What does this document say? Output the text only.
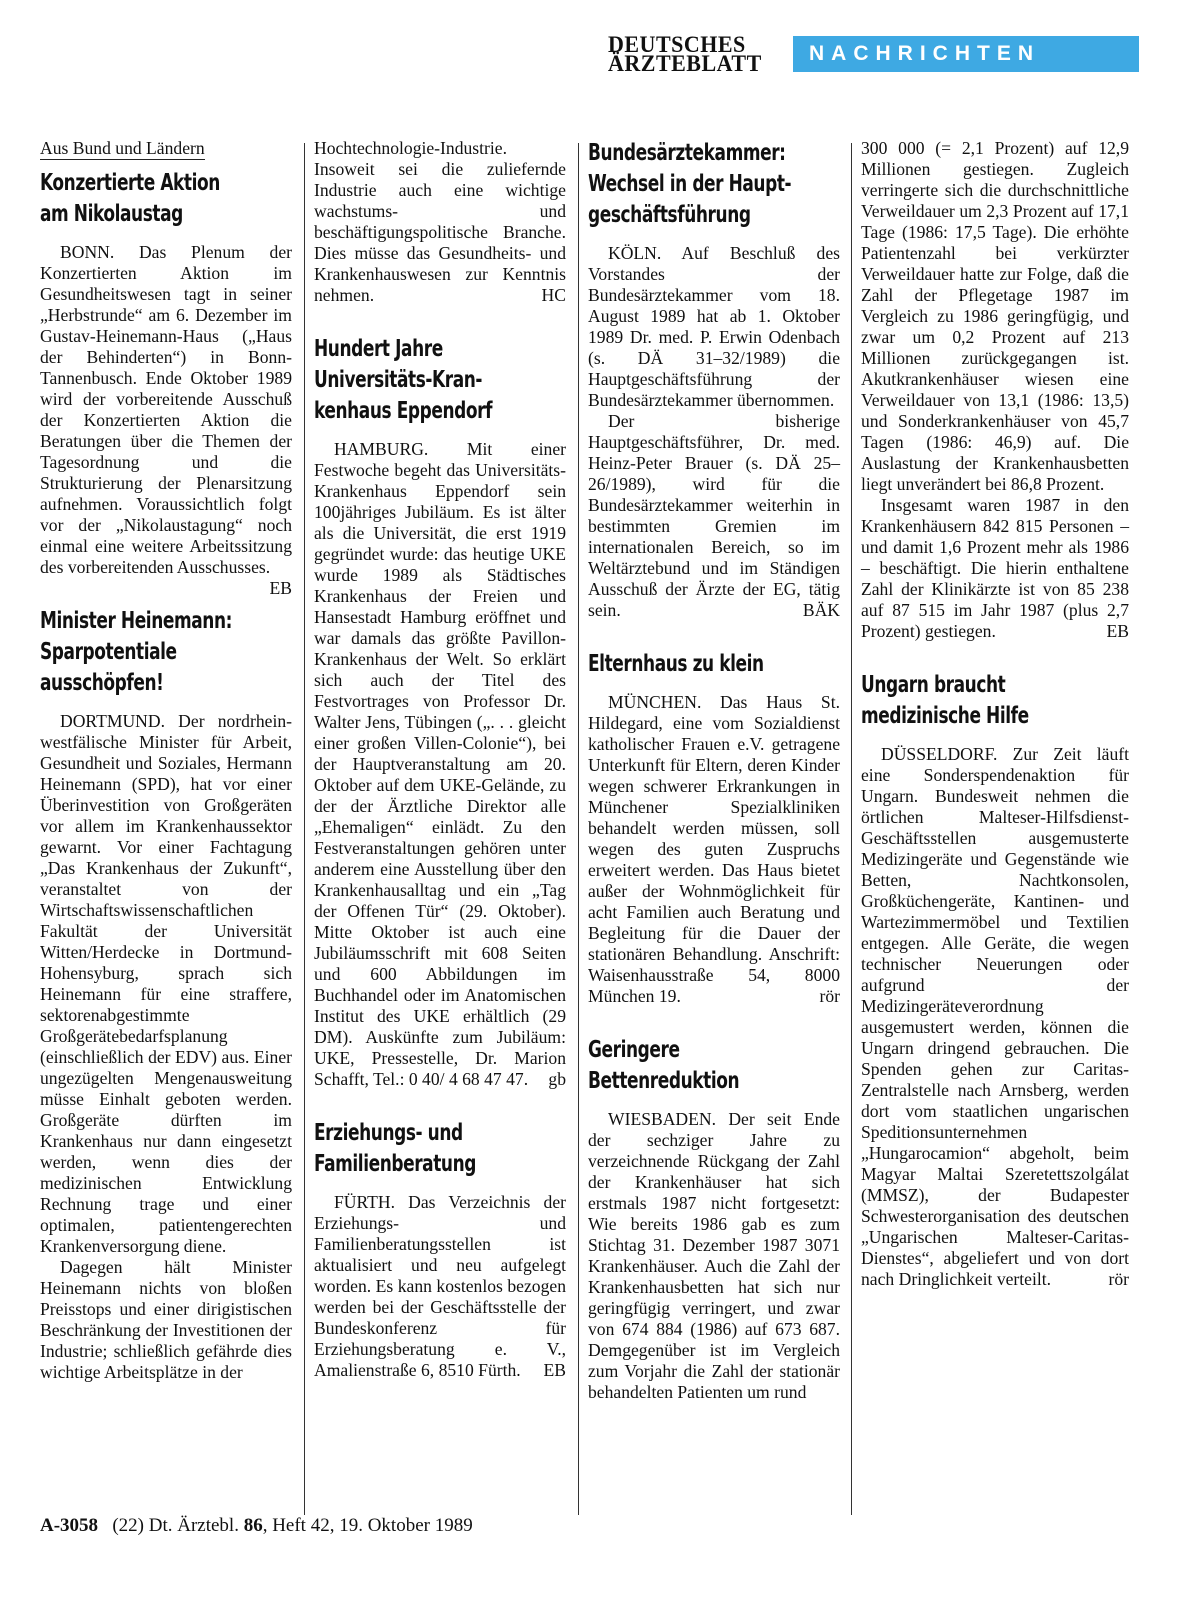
DEUTSCHES
ÄRZTEBLATT	NACHRICHTEN
Aus Bund und Ländern
Konzertierte Aktion
am Nikolaustag

BONN. Das Plenum der Konzertierten Aktion im Gesundheitswesen tagt in seiner „Herbstrunde“ am 6. Dezember im Gustav-Heinemann-Haus („Haus der Behinderten“) in Bonn-Tannenbusch. Ende Oktober 1989 wird der vorbereitende Ausschuß der Konzertierten Aktion die Beratungen über die Themen der Tagesordnung und die Strukturierung der Plenarsitzung aufnehmen. Voraussichtlich folgt vor der „Nikolaustagung“ noch einmal eine weitere Arbeitssitzung des vorbereitenden Ausschusses.
EB

Minister Heinemann:
Sparpotentiale
ausschöpfen!

DORTMUND. Der nordrhein-westfälische Minister für Arbeit, Gesundheit und Soziales, Hermann Heinemann (SPD), hat vor einer Überinvestition von Großgeräten vor allem im Krankenhaussektor gewarnt. Vor einer Fachtagung „Das Krankenhaus der Zukunft“, veranstaltet von der Wirtschaftswissenschaftlichen Fakultät der Universität Witten/Herdecke in Dortmund-Hohensyburg, sprach sich Heinemann für eine straffere, sektorenabgestimmte Großgerätebedarfsplanung (einschließlich der EDV) aus. Einer ungezügelten Mengenausweitung müsse Einhalt geboten werden. Großgeräte dürften im Krankenhaus nur dann eingesetzt werden, wenn dies der medizinischen Entwicklung Rechnung trage und einer optimalen, patientengerechten Krankenversorgung diene.

Dagegen hält Minister Heinemann nichts von bloßen Preisstops und einer dirigistischen Beschränkung der Investitionen der Industrie; schließlich gefährde dies wichtige Arbeitsplätze in der

Hochtechnologie-Industrie. Insoweit sei die zuliefernde Industrie auch eine wichtige wachstums- und beschäftigungspolitische Branche. Dies müsse das Gesundheits- und Krankenhauswesen zur Kenntnis nehmen.	HC

Hundert Jahre
Universitäts-Kran-
kenhaus Eppendorf

HAMBURG. Mit einer Festwoche begeht das Universitäts-Krankenhaus Eppendorf sein 100jähriges Jubiläum. Es ist älter als die Universität, die erst 1919 gegründet wurde: das heutige UKE wurde 1989 als Städtisches Krankenhaus der Freien und Hansestadt Hamburg eröffnet und war damals das größte Pavillon-Krankenhaus der Welt. So erklärt sich auch der Titel des Festvortrages von Professor Dr. Walter Jens, Tübingen („. . . gleicht einer großen Villen-Colonie“), bei der Hauptveranstaltung am 20. Oktober auf dem UKE-Gelände, zu der der Ärztliche Direktor alle „Ehemaligen“ einlädt. Zu den Festveranstaltungen gehören unter anderem eine Ausstellung über den Krankenhausalltag und ein „Tag der Offenen Tür“ (29. Oktober). Mitte Oktober ist auch eine Jubiläumsschrift mit 608 Seiten und 600 Abbildungen im Buchhandel oder im Anatomischen Institut des UKE erhältlich (29 DM). Auskünfte zum Jubiläum: UKE, Pressestelle, Dr. Marion Schafft, Tel.: 0 40/ 4 68 47 47.	gb

Erziehungs- und
Familienberatung

FÜRTH. Das Verzeichnis der Erziehungs- und Familienberatungsstellen ist aktualisiert und neu aufgelegt worden. Es kann kostenlos bezogen werden bei der Geschäftsstelle der Bundeskonferenz für Erziehungsberatung e. V., Amalienstraße 6, 8510 Fürth.	EB

Bundesärztekammer:
Wechsel in der Haupt-
geschäftsführung

KÖLN. Auf Beschluß des Vorstandes der Bundesärztekammer vom 18. August 1989 hat ab 1. Oktober 1989 Dr. med. P. Erwin Odenbach (s. DÄ 31–32/1989) die Hauptgeschäftsführung der Bundesärztekammer übernommen.

Der bisherige Hauptgeschäftsführer, Dr. med. Heinz-Peter Brauer (s. DÄ 25–26/1989), wird für die Bundesärztekammer weiterhin in bestimmten Gremien im internationalen Bereich, so im Weltärztebund und im Ständigen Ausschuß der Ärzte der EG, tätig sein.	BÄK

Elternhaus zu klein

MÜNCHEN. Das Haus St. Hildegard, eine vom Sozialdienst katholischer Frauen e.V. getragene Unterkunft für Eltern, deren Kinder wegen schwerer Erkrankungen in Münchener Spezialkliniken behandelt werden müssen, soll wegen des guten Zuspruchs erweitert werden. Das Haus bietet außer der Wohnmöglichkeit für acht Familien auch Beratung und Begleitung für die Dauer der stationären Behandlung. Anschrift: Waisenhausstraße 54, 8000 München 19.	rör

Geringere
Bettenreduktion

WIESBADEN. Der seit Ende der sechziger Jahre zu verzeichnende Rückgang der Zahl der Krankenhäuser hat sich erstmals 1987 nicht fortgesetzt: Wie bereits 1986 gab es zum Stichtag 31. Dezember 1987 3071 Krankenhäuser. Auch die Zahl der Krankenhausbetten hat sich nur geringfügig verringert, und zwar von 674 884 (1986) auf 673 687. Demgegenüber ist im Vergleich zum Vorjahr die Zahl der stationär behandelten Patienten um rund

300 000 (= 2,1 Prozent) auf 12,9 Millionen gestiegen. Zugleich verringerte sich die durchschnittliche Verweildauer um 2,3 Prozent auf 17,1 Tage (1986: 17,5 Tage). Die erhöhte Patientenzahl bei verkürzter Verweildauer hatte zur Folge, daß die Zahl der Pflegetage 1987 im Vergleich zu 1986 geringfügig, und zwar um 0,2 Prozent auf 213 Millionen zurückgegangen ist. Akutkrankenhäuser wiesen eine Verweildauer von 13,1 (1986: 13,5) und Sonderkrankenhäuser von 45,7 Tagen (1986: 46,9) auf. Die Auslastung der Krankenhausbetten liegt unverändert bei 86,8 Prozent.

Insgesamt waren 1987 in den Krankenhäusern 842 815 Personen – und damit 1,6 Prozent mehr als 1986 – beschäftigt. Die hierin enthaltene Zahl der Klinikärzte ist von 85 238 auf 87 515 im Jahr 1987 (plus 2,7 Prozent) gestiegen.	EB

Ungarn braucht
medizinische Hilfe

DÜSSELDORF. Zur Zeit läuft eine Sonderspendenaktion für Ungarn. Bundesweit nehmen die örtlichen Malteser-Hilfsdienst-Geschäftsstellen ausgemusterte Medizingeräte und Gegenstände wie Betten, Nachtkonsolen, Großküchengeräte, Kantinen- und Wartezimmermöbel und Textilien entgegen. Alle Geräte, die wegen technischer Neuerungen oder aufgrund der Medizingeräteverordnung ausgemustert werden, können die Ungarn dringend gebrauchen. Die Spenden gehen zur Caritas-Zentralstelle nach Arnsberg, werden dort vom staatlichen ungarischen Speditionsunternehmen „Hungarocamion“ abgeholt, beim Magyar Maltai Szeretettszolgálat (MMSZ), der Budapester Schwesterorganisation des deutschen „Ungarischen Malteser-Caritas-Dienstes“, abgeliefert und von dort nach Dringlichkeit verteilt.	rör

A-3058 (22) Dt. Ärztebl. 86, Heft 42, 19. Oktober 1989
